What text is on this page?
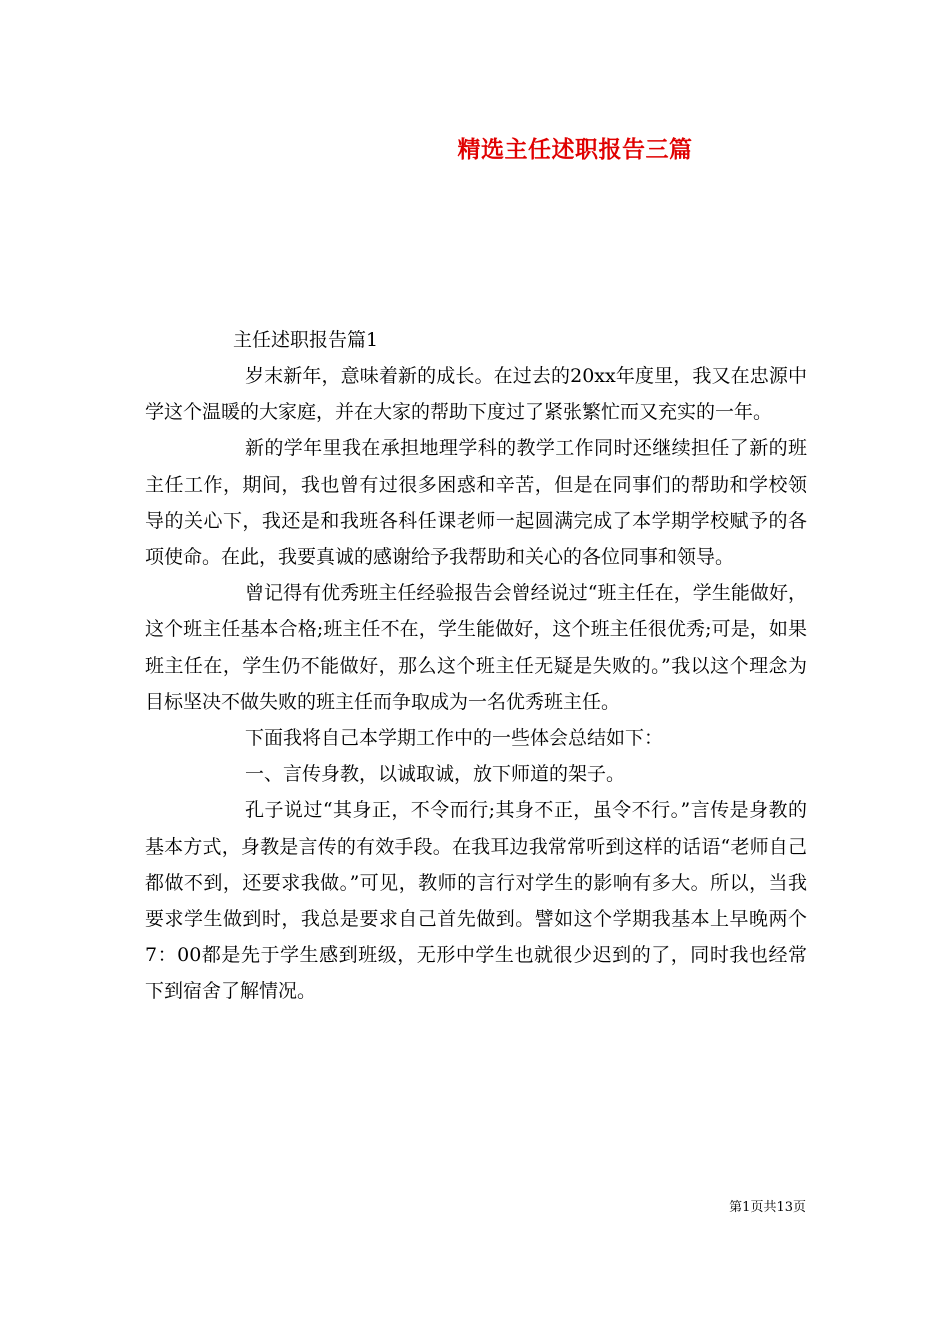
精选主任述职报告三篇

主任述职报告篇1

岁末新年，意味着新的成长。在过去的20xx年度里，我又在忠源中学这个温暖的大家庭，并在大家的帮助下度过了紧张繁忙而又充实的一年。

新的学年里我在承担地理学科的教学工作同时还继续担任了新的班主任工作，期间，我也曾有过很多困惑和辛苦，但是在同事们的帮助和学校领导的关心下，我还是和我班各科任课老师一起圆满完成了本学期学校赋予的各项使命。在此，我要真诚的感谢给予我帮助和关心的各位同事和领导。

曾记得有优秀班主任经验报告会曾经说过“班主任在，学生能做好，这个班主任基本合格;班主任不在，学生能做好，这个班主任很优秀;可是，如果班主任在，学生仍不能做好，那么这个班主任无疑是失败的。”我以这个理念为目标坚决不做失败的班主任而争取成为一名优秀班主任。

下面我将自己本学期工作中的一些体会总结如下：

一、言传身教，以诚取诚，放下师道的架子。

孔子说过“其身正，不令而行;其身不正，虽令不行。”言传是身教的基本方式，身教是言传的有效手段。在我耳边我常常听到这样的话语“老师自己都做不到，还要求我做。”可见，教师的言行对学生的影响有多大。所以，当我要求学生做到时，我总是要求自己首先做到。譬如这个学期我基本上早晚两个7：00都是先于学生感到班级，无形中学生也就很少迟到的了，同时我也经常下到宿舍了解情况。

第1页共13页
